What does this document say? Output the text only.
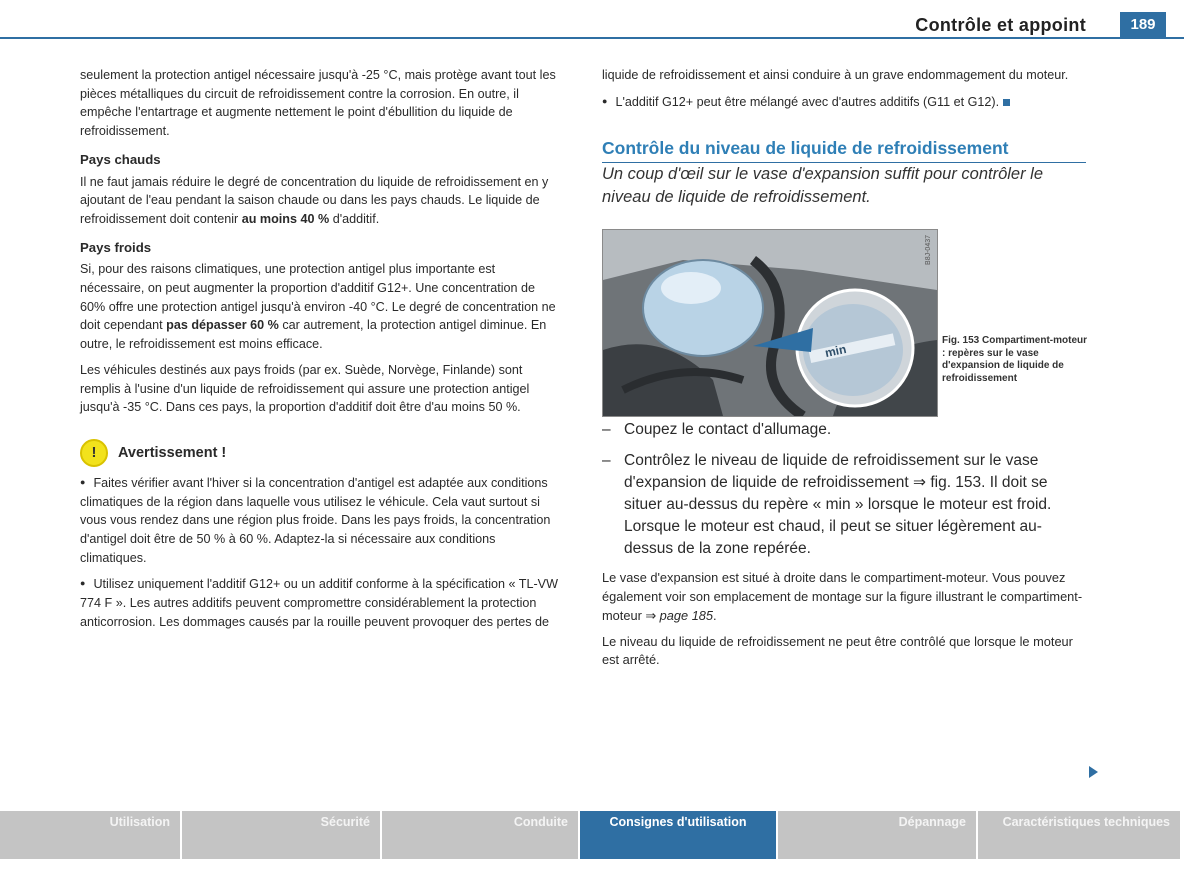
Contrôle et appoint	189

seulement la protection antigel nécessaire jusqu'à -25 °C, mais protège avant tout les pièces métalliques du circuit de refroidissement contre la corrosion. En outre, il empêche l'entartrage et augmente nettement le point d'ébullition du liquide de refroidissement.

Pays chauds

Il ne faut jamais réduire le degré de concentration du liquide de refroidissement en y ajoutant de l'eau pendant la saison chaude ou dans les pays chauds. Le liquide de refroidissement doit contenir au moins 40 % d'additif.

Pays froids

Si, pour des raisons climatiques, une protection antigel plus importante est nécessaire, on peut augmenter la proportion d'additif G12+. Une concentration de 60% offre une protection antigel jusqu'à environ -40 °C. Le degré de concentration ne doit cependant pas dépasser 60 % car autrement, la protection antigel diminue. En outre, le refroidissement est moins efficace.

Les véhicules destinés aux pays froids (par ex. Suède, Norvège, Finlande) sont remplis à l'usine d'un liquide de refroidissement qui assure une protection antigel jusqu'à -35 °C. Dans ces pays, la proportion d'additif doit être d'au moins 50 %.

!	Avertissement !

● Faites vérifier avant l'hiver si la concentration d'antigel est adaptée aux conditions climatiques de la région dans laquelle vous utilisez le véhicule. Cela vaut surtout si vous vous rendez dans une région plus froide. Dans les pays froids, la concentration d'antigel doit être de 50 % à 60 %. Adaptez-la si nécessaire aux conditions climatiques.

● Utilisez uniquement l'additif G12+ ou un additif conforme à la spécification « TL-VW 774 F ». Les autres additifs peuvent compromettre considérablement la protection anticorrosion. Les dommages causés par la rouille peuvent provoquer des pertes de

liquide de refroidissement et ainsi conduire à un grave endommagement du moteur.

● L'additif G12+ peut être mélangé avec d'autres additifs (G11 et G12).

Contrôle du niveau de liquide de refroidissement

Un coup d'œil sur le vase d'expansion suffit pour contrôler le niveau de liquide de refroidissement.

min
B8J-0437
Fig. 153 Compartiment-moteur : repères sur le vase d'expansion de liquide de refroidissement
– Coupez le contact d'allumage.
– Contrôlez le niveau de liquide de refroidissement sur le vase d'expansion de liquide de refroidissement ⇒ fig. 153. Il doit se situer au-dessus du repère « min » lorsque le moteur est froid. Lorsque le moteur est chaud, il peut se situer légèrement au-dessus de la zone repérée.

Le vase d'expansion est situé à droite dans le compartiment-moteur. Vous pouvez également voir son emplacement de montage sur la figure illustrant le compartiment-moteur ⇒ page 185.

Le niveau du liquide de refroidissement ne peut être contrôlé que lorsque le moteur est arrêté.

Utilisation	Sécurité	Conduite	Consignes d'utilisation	Dépannage	Caractéristiques techniques
